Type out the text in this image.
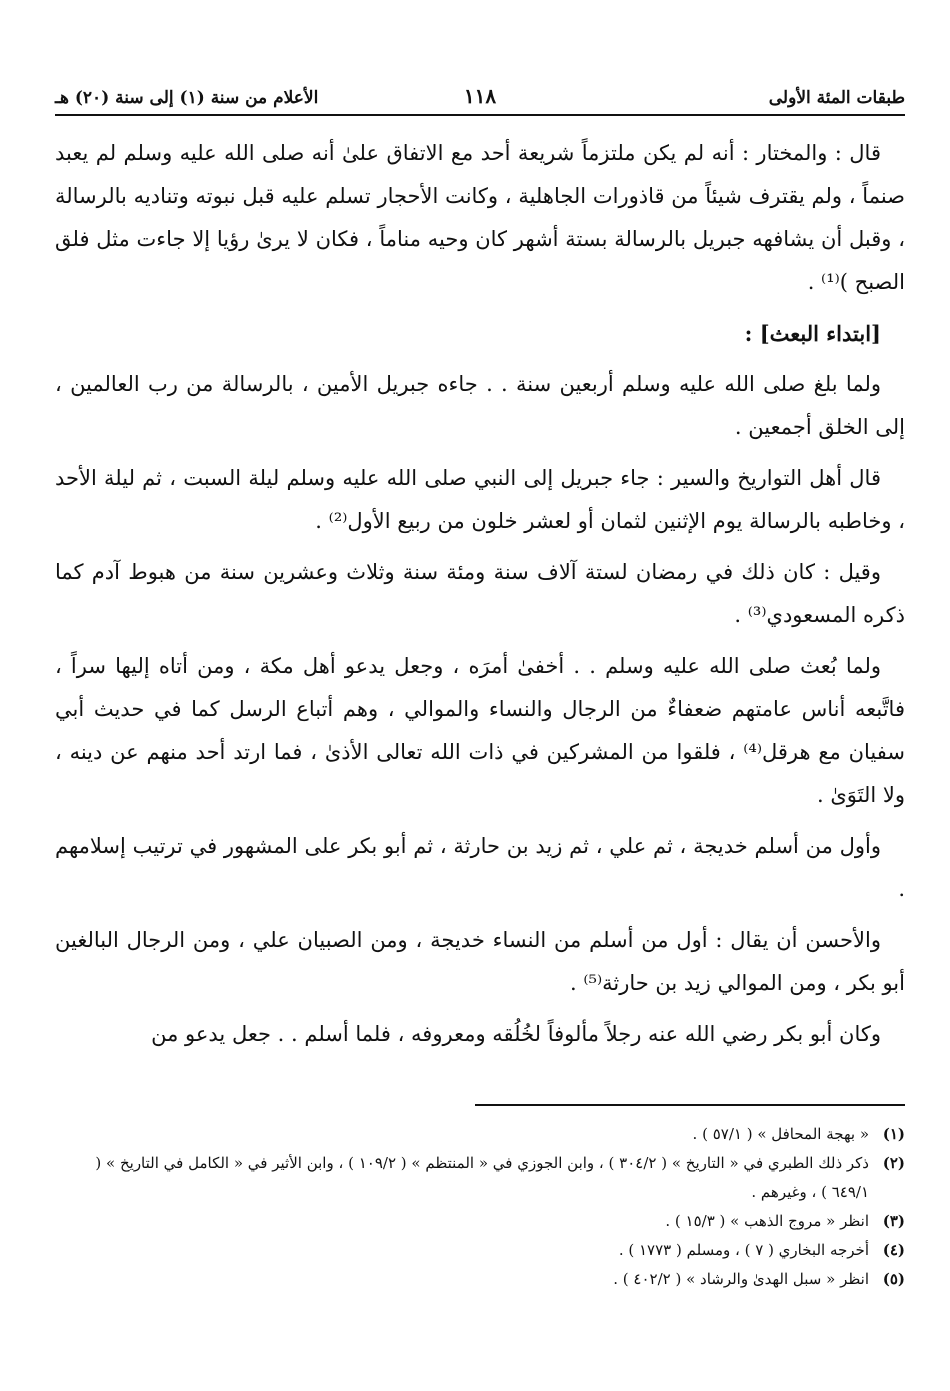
طبقات المئة الأولى
١١٨
الأعلام من سنة (١) إلى سنة (٢٠) هـ

قال : والمختار : أنه لم يكن ملتزماً شريعة أحد مع الاتفاق علىٰ أنه صلى الله عليه وسلم لم يعبد صنماً ، ولم يقترف شيئاً من قاذورات الجاهلية ، وكانت الأحجار تسلم عليه قبل نبوته وتناديه بالرسالة ، وقبل أن يشافهه جبريل بالرسالة بستة أشهر كان وحيه مناماً ، فكان لا يرىٰ رؤيا إلا جاءت مثل فلق الصبح )⁽¹⁾ .

[ابتداء البعث] :

ولما بلغ صلى الله عليه وسلم أربعين سنة . . جاءه جبريل الأمين ، بالرسالة من رب العالمين ، إلى الخلق أجمعين .

قال أهل التواريخ والسير : جاء جبريل إلى النبي صلى الله عليه وسلم ليلة السبت ، ثم ليلة الأحد ، وخاطبه بالرسالة يوم الإثنين لثمان أو لعشر خلون من ربيع الأول⁽²⁾ .

وقيل : كان ذلك في رمضان لستة آلاف سنة ومئة سنة وثلاث وعشرين سنة من هبوط آدم كما ذكره المسعودي⁽³⁾ .

ولما بُعث صلى الله عليه وسلم . . أخفىٰ أمرَه ، وجعل يدعو أهل مكة ، ومن أتاه إليها سراً ، فاتَّبعه أناس عامتهم ضعفاءٌ من الرجال والنساء والموالي ، وهم أتباع الرسل كما في حديث أبي سفيان مع هرقل⁽⁴⁾ ، فلقوا من المشركين في ذات الله تعالى الأذىٰ ، فما ارتد أحد منهم عن دينه ، ولا التَوَىٰ .

وأول من أسلم خديجة ، ثم علي ، ثم زيد بن حارثة ، ثم أبو بكر على المشهور في ترتيب إسلامهم .

والأحسن أن يقال : أول من أسلم من النساء خديجة ، ومن الصبيان علي ، ومن الرجال البالغين أبو بكر ، ومن الموالي زيد بن حارثة⁽⁵⁾ .

وكان أبو بكر رضي الله عنه رجلاً مألوفاً لخُلُقه ومعروفه ، فلما أسلم . . جعل يدعو من

(١)
« بهجة المحافل » ( ٥٧/١ ) .
(٢)
ذكر ذلك الطبري في « التاريخ » ( ٣٠٤/٢ ) ، وابن الجوزي في « المنتظم » ( ١٠٩/٢ ) ، وابن الأثير في « الكامل في التاريخ » ( ٦٤٩/١ ) ، وغيرهم .
(٣)
انظر « مروج الذهب » ( ١٥/٣ ) .
(٤)
أخرجه البخاري ( ٧ ) ، ومسلم ( ١٧٧٣ ) .
(٥)
انظر « سبل الهدىٰ والرشاد » ( ٤٠٢/٢ ) .
